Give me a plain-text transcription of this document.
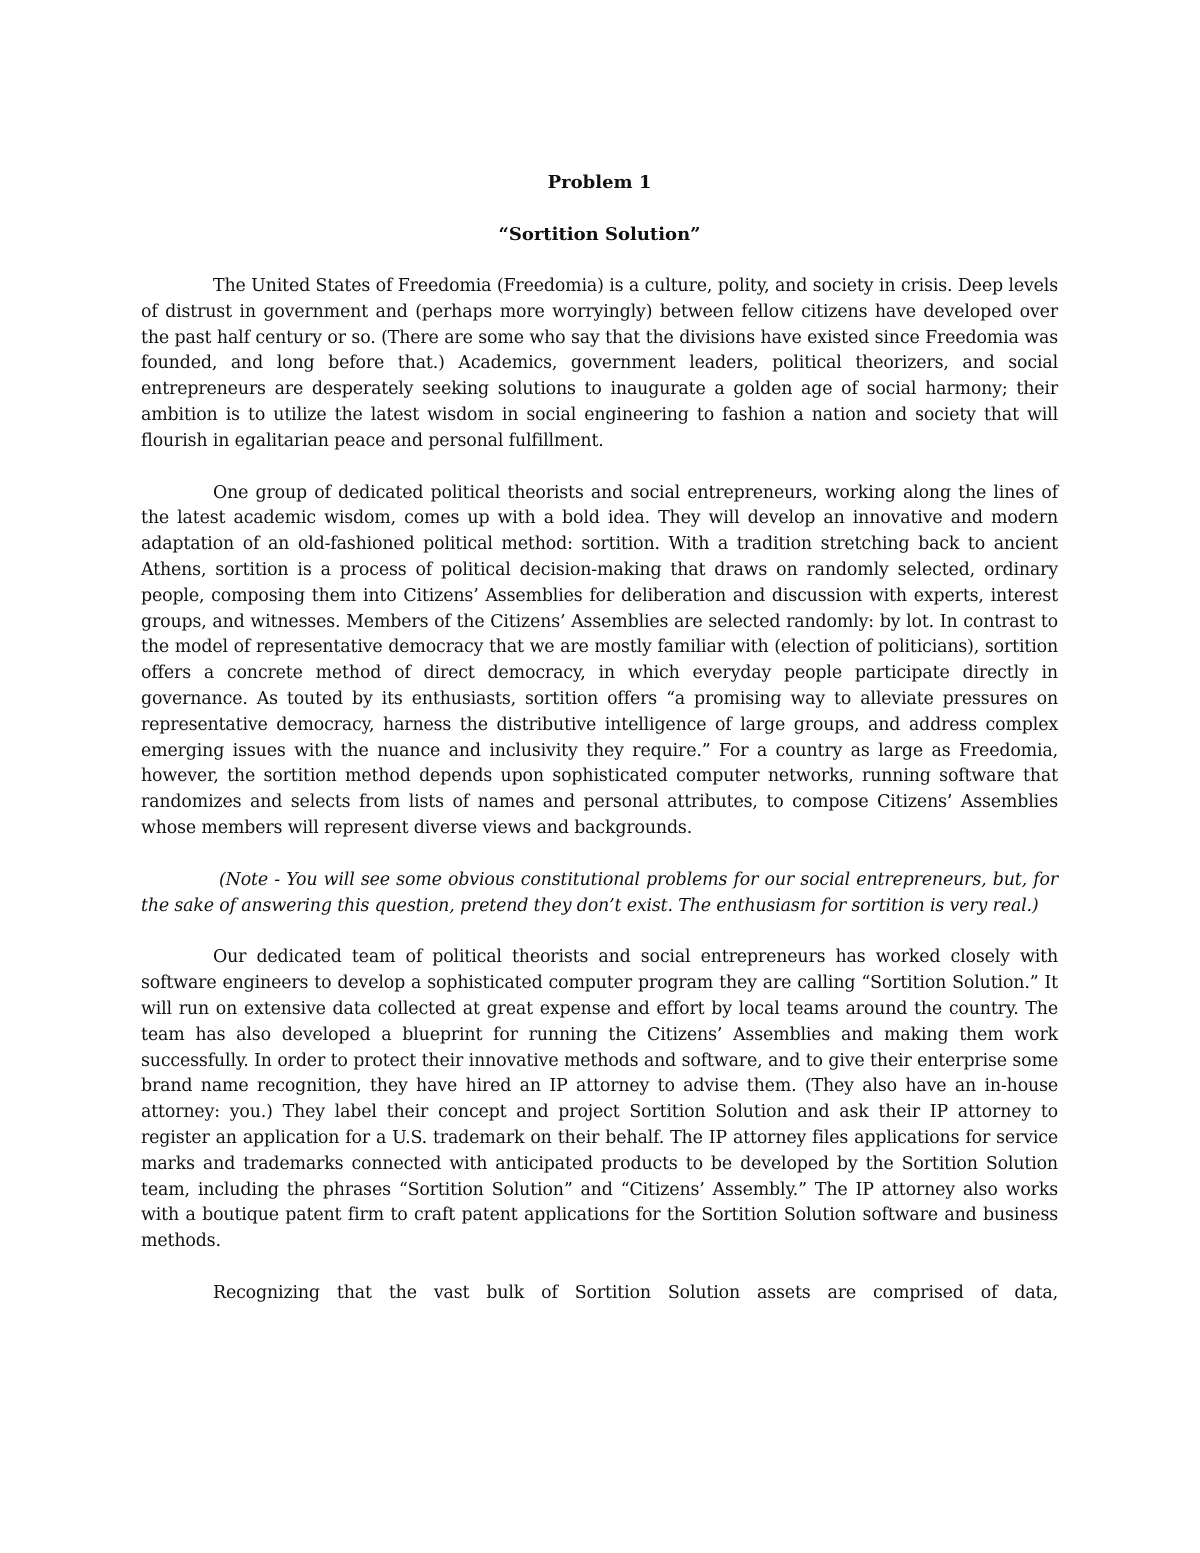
Problem 1

“Sortition Solution”

The United States of Freedomia (Freedomia) is a culture, polity, and society in crisis. Deep levels of distrust in government and (perhaps more worryingly) between fellow citizens have developed over the past half century or so. (There are some who say that the divisions have existed since Freedomia was founded, and long before that.) Academics, government leaders, political theorizers, and social entrepreneurs are desperately seeking solutions to inaugurate a golden age of social harmony; their ambition is to utilize the latest wisdom in social engineering to fashion a nation and society that will flourish in egalitarian peace and personal fulfillment.

One group of dedicated political theorists and social entrepreneurs, working along the lines of the latest academic wisdom, comes up with a bold idea. They will develop an innovative and modern adaptation of an old-fashioned political method: sortition. With a tradition stretching back to ancient Athens, sortition is a process of political decision-making that draws on randomly selected, ordinary people, composing them into Citizens’ Assemblies for deliberation and discussion with experts, interest groups, and witnesses. Members of the Citizens’ Assemblies are selected randomly: by lot. In contrast to the model of representative democracy that we are mostly familiar with (election of politicians), sortition offers a concrete method of direct democracy, in which everyday people participate directly in governance. As touted by its enthusiasts, sortition offers “a promising way to alleviate pressures on representative democracy, harness the distributive intelligence of large groups, and address complex emerging issues with the nuance and inclusivity they require.” For a country as large as Freedomia, however, the sortition method depends upon sophisticated computer networks, running software that randomizes and selects from lists of names and personal attributes, to compose Citizens’ Assemblies whose members will represent diverse views and backgrounds.

(Note - You will see some obvious constitutional problems for our social entrepreneurs, but, for the sake of answering this question, pretend they don’t exist. The enthusiasm for sortition is very real.)

Our dedicated team of political theorists and social entrepreneurs has worked closely with software engineers to develop a sophisticated computer program they are calling “Sortition Solution.” It will run on extensive data collected at great expense and effort by local teams around the country. The team has also developed a blueprint for running the Citizens’ Assemblies and making them work successfully. In order to protect their innovative methods and software, and to give their enterprise some brand name recognition, they have hired an IP attorney to advise them. (They also have an in-house attorney: you.) They label their concept and project Sortition Solution and ask their IP attorney to register an application for a U.S. trademark on their behalf. The IP attorney files applications for service marks and trademarks connected with anticipated products to be developed by the Sortition Solution team, including the phrases “Sortition Solution” and “Citizens’ Assembly.” The IP attorney also works with a boutique patent firm to craft patent applications for the Sortition Solution software and business methods.

Recognizing that the vast bulk of Sortition Solution assets are comprised of data,
